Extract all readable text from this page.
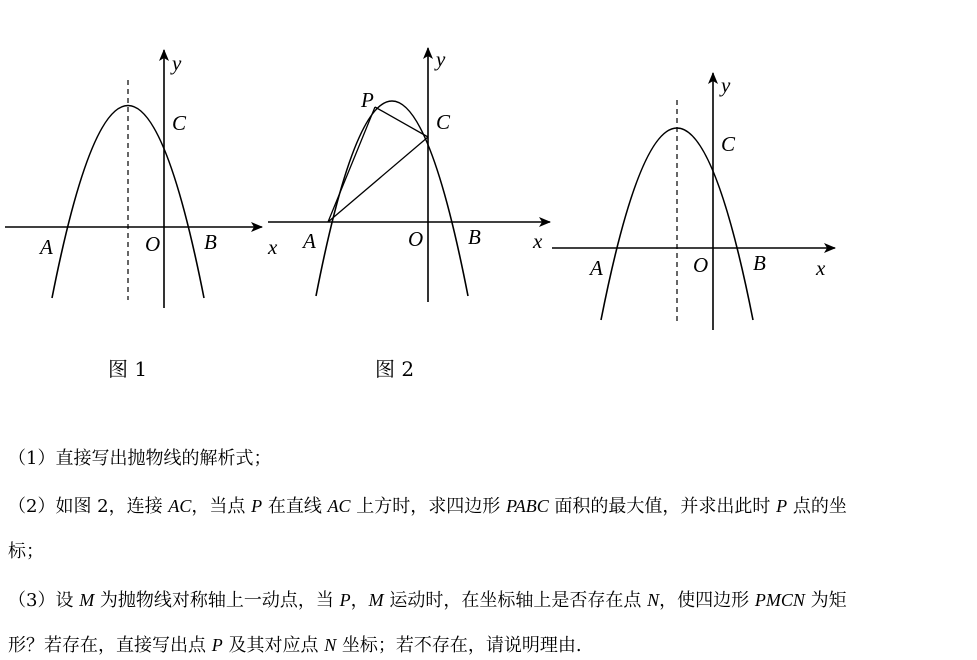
y
C
A	O B x
y
P
C
A	O B x
y
C
A	O B x
图 1	图 2
（1）直接写出抛物线的解析式；
（2）如图 2，连接 AC，当点 P 在直线 AC 上方时，求四边形 PABC 面积的最大值，并求出此时 P 点的坐
标；
（3）设 M 为抛物线对称轴上一动点，当 P，M 运动时，在坐标轴上是否存在点 N，使四边形 PMCN 为矩
形？若存在，直接写出点 P 及其对应点 N 坐标；若不存在，请说明理由.
